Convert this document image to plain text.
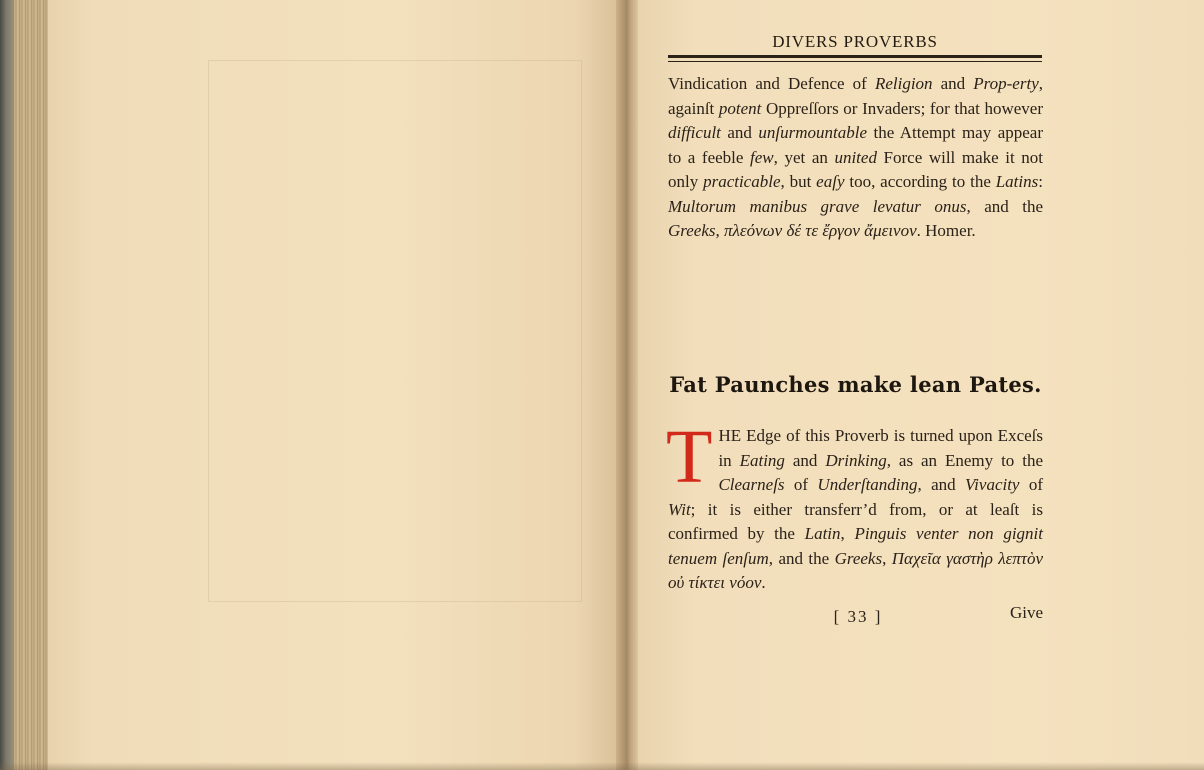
DIVERS PROVERBS

Vindication and Defence of Religion and Prop-erty, againſt potent Oppreſſors or Invaders; for that however difficult and unſurmountable the Attempt may appear to a feeble few, yet an united Force will make it not only practicable, but eaſy too, according to the Latins: Multorum manibus grave levatur onus, and the Greeks, πλεόνων δέ τε ἔργον ἄμεινον. Homer.

Fat Paunches make lean Pates.
T HE Edge of this Proverb is turned upon Exceſs in Eating and Drinking, as an Enemy to the Clearneſs of Underſtanding, and Vivacity of Wit; it is either transferr’d from, or at leaſt is confirmed by the Latin, Pinguis venter non gignit tenuem ſenſum, and the Greeks, Παχεῖα γαστὴρ λεπτὸν οὐ τίκτει νόον.

[ 33 ]	Give
